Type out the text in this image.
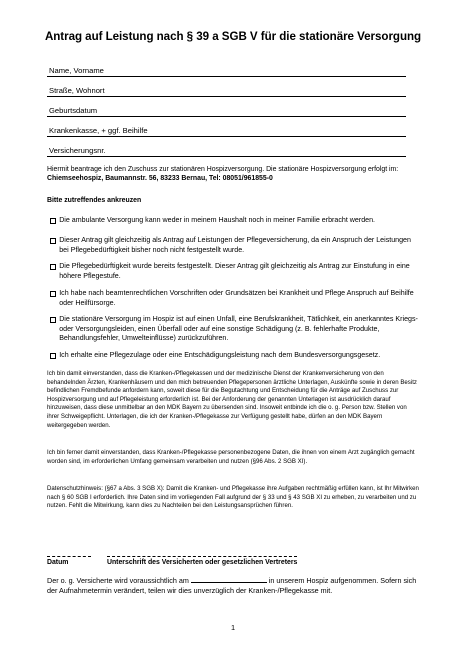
Antrag auf Leistung nach § 39 a SGB V für die stationäre Versorgung
Name, Vorname
Straße, Wohnort
Geburtsdatum
Krankenkasse, + ggf. Beihilfe
Versicherungsnr.
Hiermit beantrage ich den Zuschuss zur stationären Hospizversorgung. Die stationäre Hospizversorgung erfolgt im: Chiemseehospiz, Baumannstr. 56, 83233 Bernau, Tel: 08051/961855-0
Bitte zutreffendes ankreuzen
Die ambulante Versorgung kann weder in meinem Haushalt noch in meiner Familie erbracht werden.
Dieser Antrag gilt gleichzeitig als Antrag auf Leistungen der Pflegeversicherung, da ein Anspruch der Leistungen bei Pflegebedürftigkeit bisher noch nicht festgestellt wurde.
Die Pflegebedürftigkeit wurde bereits festgestellt. Dieser Antrag gilt gleichzeitig als Antrag zur Einstufung in eine höhere Pflegestufe.
Ich habe nach beamtenrechtlichen Vorschriften oder Grundsätzen bei Krankheit und Pflege Anspruch auf Beihilfe oder Heilfürsorge.
Die stationäre Versorgung im Hospiz ist auf einen Unfall, eine Berufskrankheit, Tätlichkeit, ein anerkanntes Kriegs- oder Versorgungsleiden, einen Überfall oder auf eine sonstige Schädigung (z. B. fehlerhafte Produkte, Behandlungsfehler, Umwelteinflüsse) zurückzuführen.
Ich erhalte eine Pflegezulage oder eine Entschädigungsleistung nach dem Bundesversorgungsgesetz.
Ich bin damit einverstanden, dass die Kranken-/Pflegekassen und der medizinische Dienst der Krankenversicherung von den behandelnden Ärzten, Krankenhäusern und den mich betreuenden Pflegepersonen ärztliche Unterlagen, Auskünfte sowie in deren Besitz befindlichen Fremdbefunde anfordern kann, soweit diese für die Begutachtung und Entscheidung für die Anträge auf Zuschuss zur Hospizversorgung und auf Pflegeleistung erforderlich ist. Bei der Anforderung der genannten Unterlagen ist ausdrücklich darauf hinzuweisen, dass diese unmittelbar an den MDK Bayern zu übersenden sind. Insoweit entbinde ich die o. g. Person bzw. Stellen von ihrer Schweigepflicht. Unterlagen, die ich der Kranken-/Pflegekasse zur Verfügung gestellt habe, dürfen an den MDK Bayern weitergegeben werden.
Ich bin ferner damit einverstanden, dass Kranken-/Pflegekasse personenbezogene Daten, die ihnen von einem Arzt zugänglich gemacht worden sind, im erforderlichen Umfang gemeinsam verarbeiten und nutzen (§96 Abs. 2 SGB XI).
Datenschutzhinweis: (§67 a Abs. 3 SGB X): Damit die Kranken- und Pflegekasse ihre Aufgaben rechtmäßig erfüllen kann, ist Ihr Mitwirken nach § 60 SGB I erforderlich. Ihre Daten sind im vorliegenden Fall aufgrund der § 33 und § 43 SGB XI zu erheben, zu verarbeiten und zu nutzen. Fehlt die Mitwirkung, kann dies zu Nachteilen bei den Leistungsansprüchen führen.
Datum	Unterschrift des Versicherten oder gesetzlichen Vertreters
Der o. g. Versicherte wird voraussichtlich am	in unserem Hospiz aufgenommen. Sofern sich der Aufnahmetermin verändert, teilen wir dies unverzüglich der Kranken-/Pflegekasse mit.
1
